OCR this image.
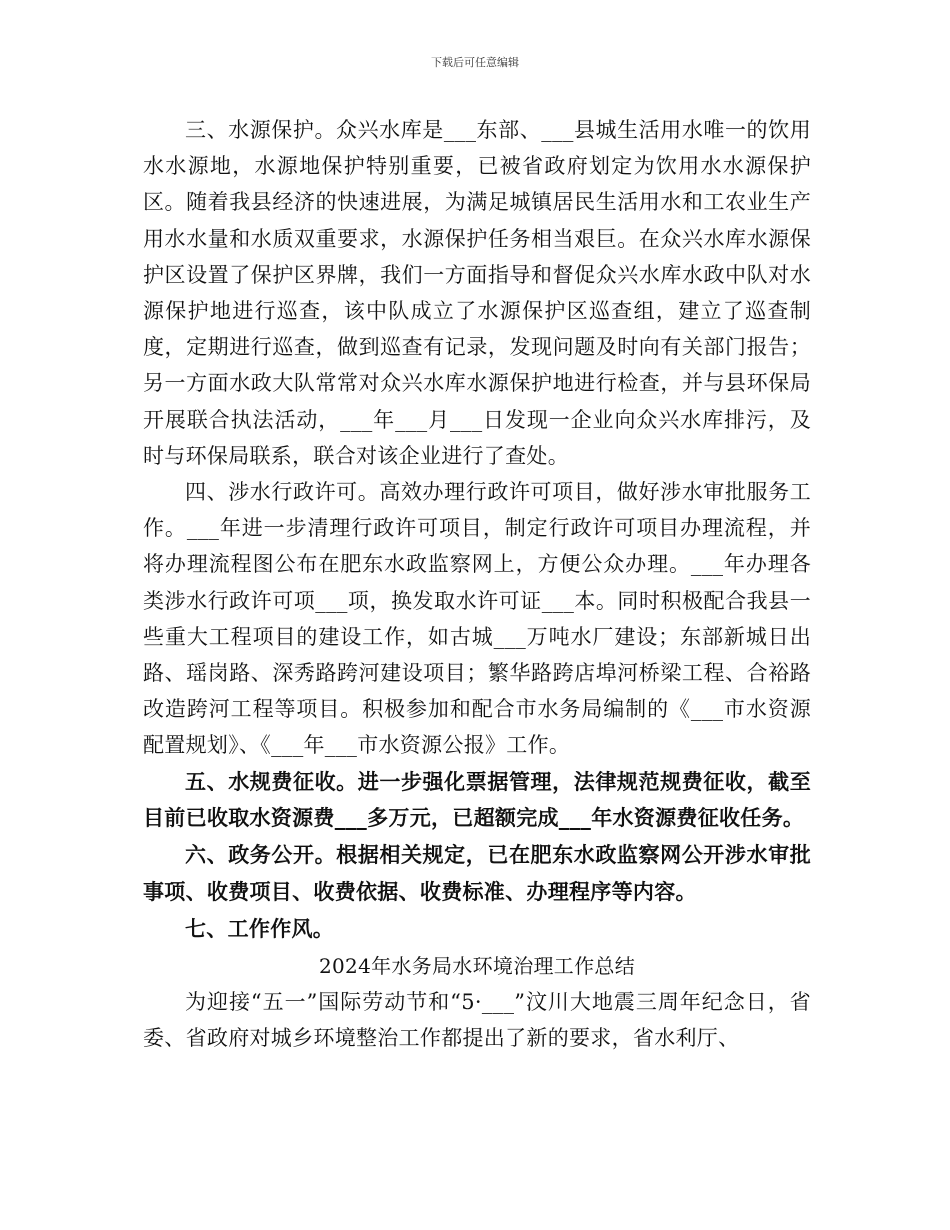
下载后可任意编辑

三、水源保护。众兴水库是___东部、___县城生活用水唯一的饮用水水源地，水源地保护特别重要，已被省政府划定为饮用水水源保护区。随着我县经济的快速进展，为满足城镇居民生活用水和工农业生产用水水量和水质双重要求，水源保护任务相当艰巨。在众兴水库水源保护区设置了保护区界牌，我们一方面指导和督促众兴水库水政中队对水源保护地进行巡查，该中队成立了水源保护区巡查组，建立了巡查制度，定期进行巡查，做到巡查有记录，发现问题及时向有关部门报告；另一方面水政大队常常对众兴水库水源保护地进行检查，并与县环保局开展联合执法活动，___年___月___日发现一企业向众兴水库排污，及时与环保局联系，联合对该企业进行了查处。

四、涉水行政许可。高效办理行政许可项目，做好涉水审批服务工作。___年进一步清理行政许可项目，制定行政许可项目办理流程，并将办理流程图公布在肥东水政监察网上，方便公众办理。___年办理各类涉水行政许可项___项，换发取水许可证___本。同时积极配合我县一些重大工程项目的建设工作，如古城___万吨水厂建设；东部新城日出路、瑶岗路、深秀路跨河建设项目；繁华路跨店埠河桥梁工程、合裕路改造跨河工程等项目。积极参加和配合市水务局编制的《___市水资源配置规划》、《___年___市水资源公报》工作。

五、水规费征收。进一步强化票据管理，法律规范规费征收，截至目前已收取水资源费___多万元，已超额完成___年水资源费征收任务。

六、政务公开。根据相关规定，已在肥东水政监察网公开涉水审批事项、收费项目、收费依据、收费标准、办理程序等内容。

七、工作作风。

2024年水务局水环境治理工作总结

为迎接“五一”国际劳动节和“5·___”汶川大地震三周年纪念日，省委、省政府对城乡环境整治工作都提出了新的要求，省水利厅、
